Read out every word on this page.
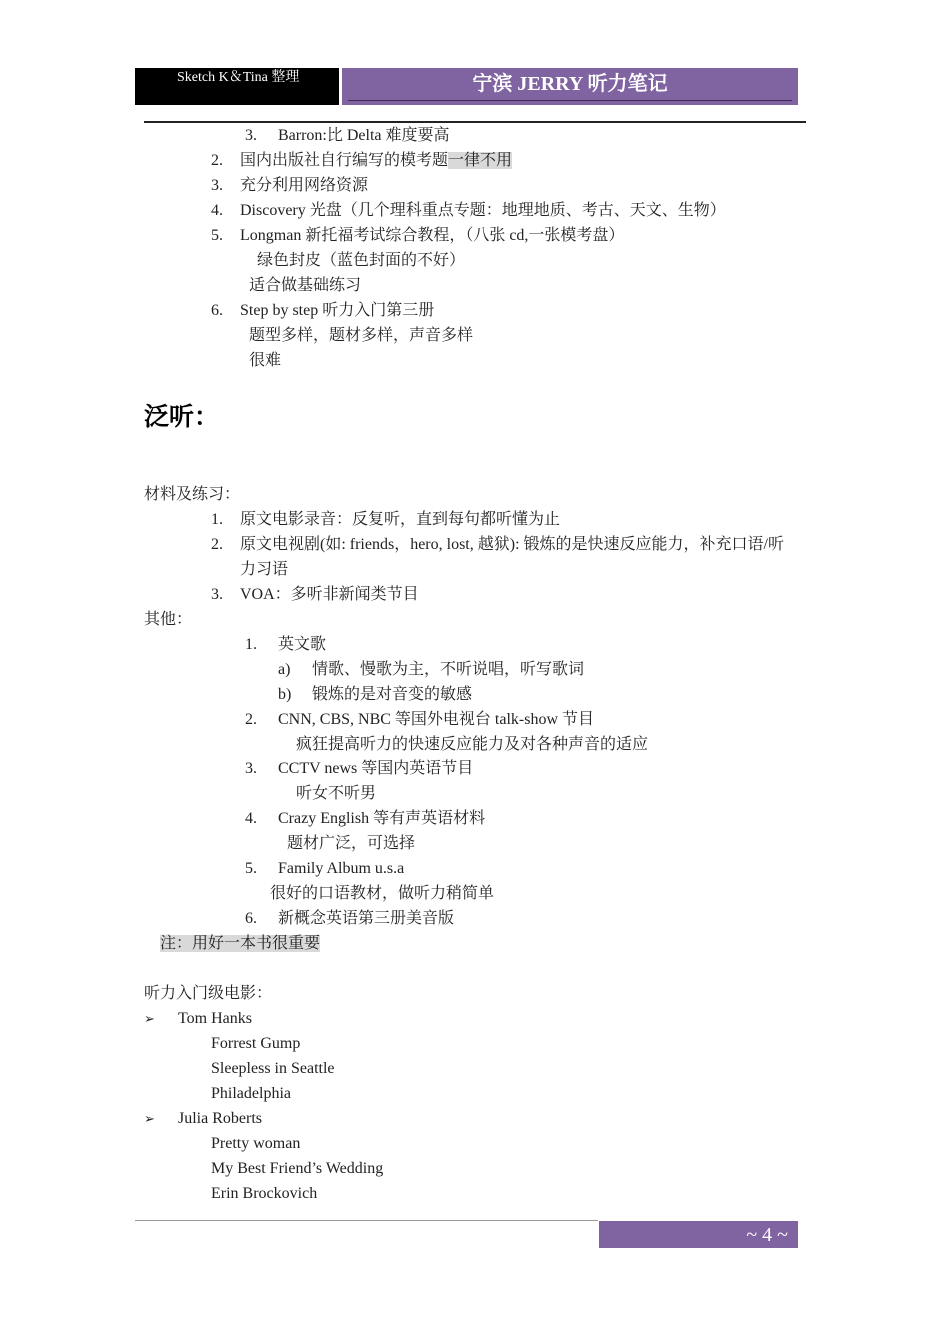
Sketch K＆Tina 整理	宁滨 JERRY 听力笔记
3. Barron:比 Delta 难度要高
2. 国内出版社自行编写的模考题一律不用
3. 充分利用网络资源
4. Discovery 光盘（几个理科重点专题：地理地质、考古、天文、生物）
5. Longman 新托福考试综合教程，（八张 cd,一张模考盘）
绿色封皮（蓝色封面的不好）
适合做基础练习
6. Step by step 听力入门第三册
题型多样，题材多样，声音多样
很难
泛听：
材料及练习：
1. 原文电影录音：反复听，直到每句都听懂为止
2. 原文电视剧(如: friends，hero, lost, 越狱): 锻炼的是快速反应能力，补充口语/听
力习语
3. VOA：多听非新闻类节目
其他：
1. 英文歌
a) 情歌、慢歌为主，不听说唱，听写歌词
b) 锻炼的是对音变的敏感
2. CNN, CBS, NBC 等国外电视台 talk-show 节目
疯狂提高听力的快速反应能力及对各种声音的适应
3. CCTV news 等国内英语节目
听女不听男
4. Crazy English 等有声英语材料
题材广泛，可选择
5. Family Album u.s.a
很好的口语教材，做听力稍简单
6. 新概念英语第三册美音版
注：用好一本书很重要
听力入门级电影：
➢ Tom Hanks
Forrest Gump
Sleepless in Seattle
Philadelphia
➢ Julia Roberts
Pretty woman
My Best Friend’s Wedding
Erin Brockovich
~ 4 ~
